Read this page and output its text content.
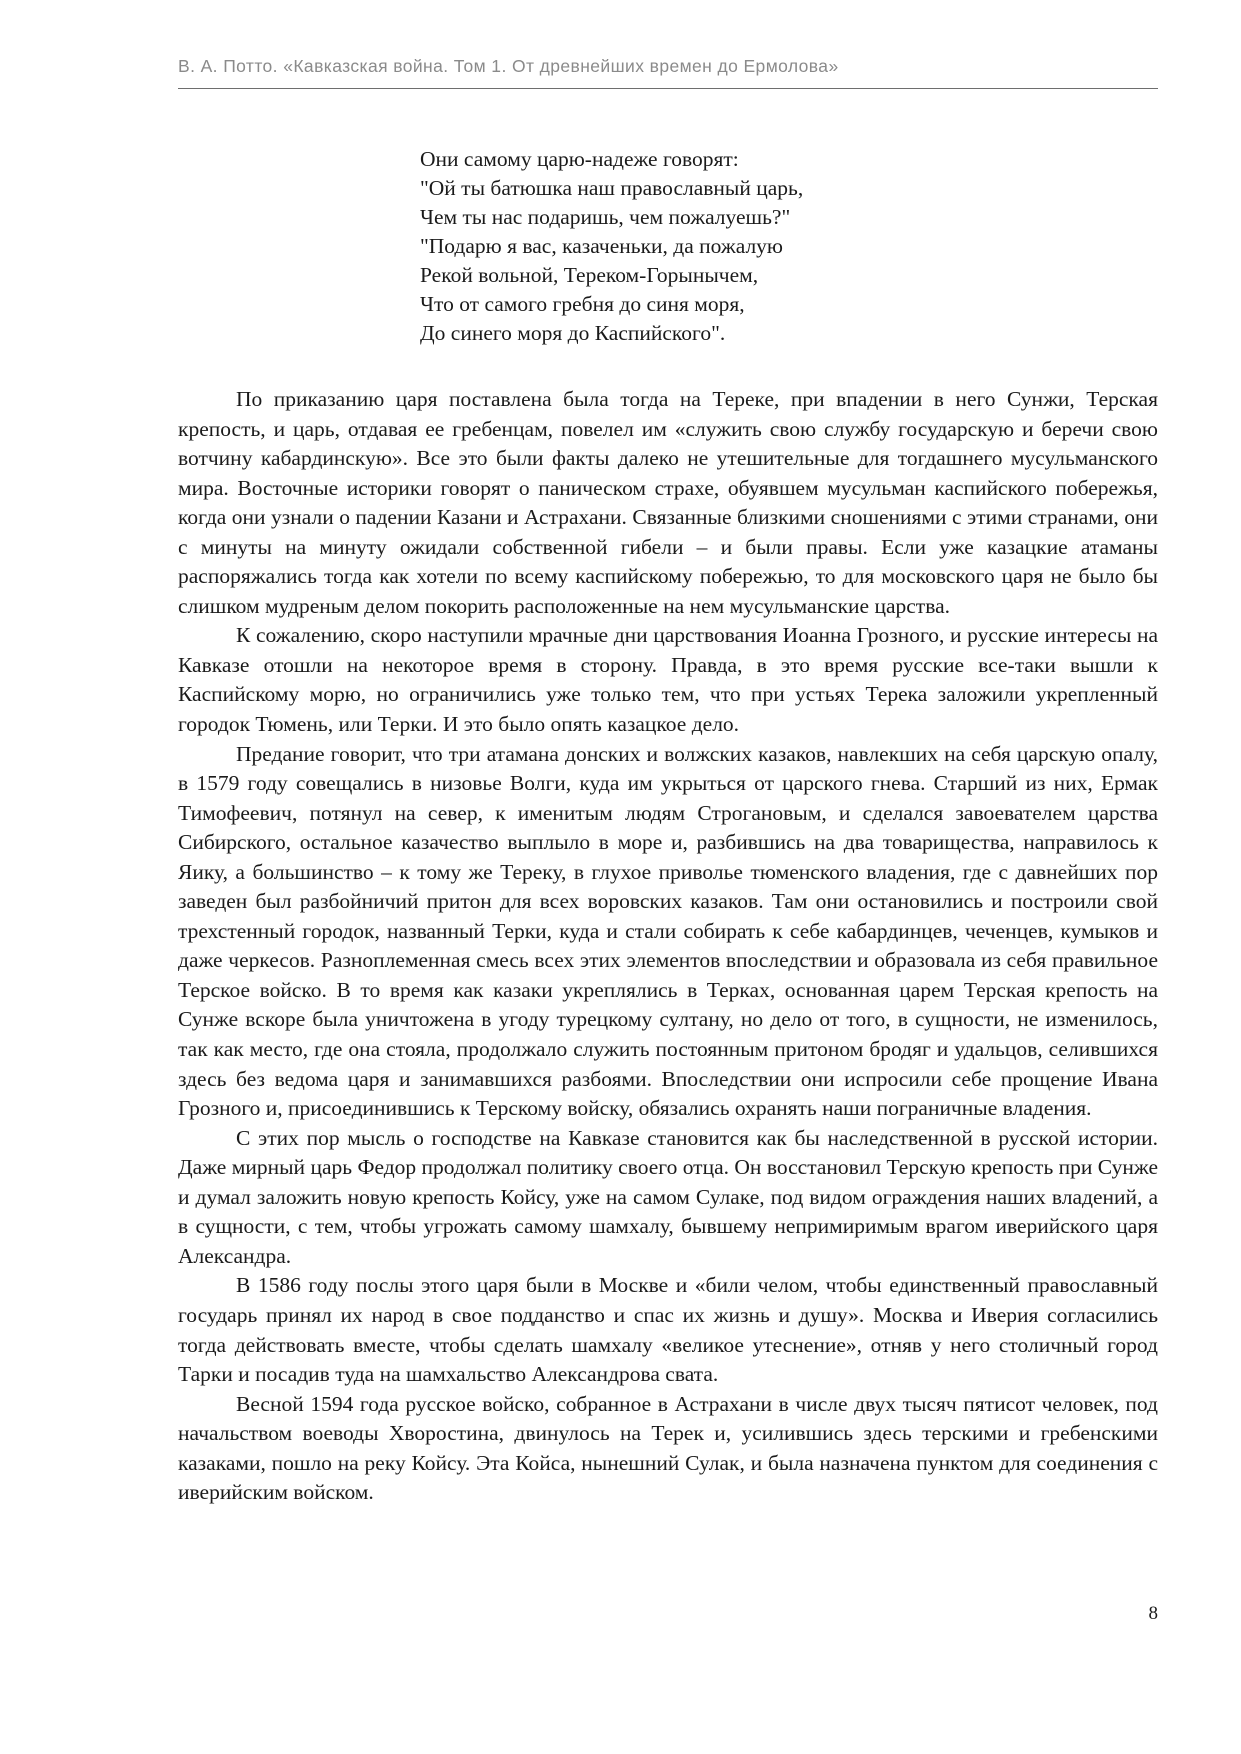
В. А. Потто. «Кавказская война. Том 1. От древнейших времен до Ермолова»
Они самому царю-надеже говорят:
"Ой ты батюшка наш православный царь,
Чем ты нас подаришь, чем пожалуешь?"
"Подарю я вас, казаченьки, да пожалую
Рекой вольной, Тереком-Горынычем,
Что от самого гребня до синя моря,
До синего моря до Каспийского".

По приказанию царя поставлена была тогда на Тереке, при впадении в него Сунжи, Терская крепость, и царь, отдавая ее гребенцам, повелел им «служить свою службу государскую и беречи свою вотчину кабардинскую». Все это были факты далеко не утешительные для тогдашнего мусульманского мира. Восточные историки говорят о паническом страхе, обуявшем мусульман каспийского побережья, когда они узнали о падении Казани и Астрахани. Связанные близкими сношениями с этими странами, они с минуты на минуту ожидали собственной гибели – и были правы. Если уже казацкие атаманы распоряжались тогда как хотели по всему каспийскому побережью, то для московского царя не было бы слишком мудреным делом покорить расположенные на нем мусульманские царства.

К сожалению, скоро наступили мрачные дни царствования Иоанна Грозного, и русские интересы на Кавказе отошли на некоторое время в сторону. Правда, в это время русские все-таки вышли к Каспийскому морю, но ограничились уже только тем, что при устьях Терека заложили укрепленный городок Тюмень, или Терки. И это было опять казацкое дело.

Предание говорит, что три атамана донских и волжских казаков, навлекших на себя царскую опалу, в 1579 году совещались в низовье Волги, куда им укрыться от царского гнева. Старший из них, Ермак Тимофеевич, потянул на север, к именитым людям Строгановым, и сделался завоевателем царства Сибирского, остальное казачество выплыло в море и, разбившись на два товарищества, направилось к Яику, а большинство – к тому же Тереку, в глухое приволье тюменского владения, где с давнейших пор заведен был разбойничий притон для всех воровских казаков. Там они остановились и построили свой трехстенный городок, названный Терки, куда и стали собирать к себе кабардинцев, чеченцев, кумыков и даже черкесов. Разноплеменная смесь всех этих элементов впоследствии и образовала из себя правильное Терское войско. В то время как казаки укреплялись в Терках, основанная царем Терская крепость на Сунже вскоре была уничтожена в угоду турецкому султану, но дело от того, в сущности, не изменилось, так как место, где она стояла, продолжало служить постоянным притоном бродяг и удальцов, селившихся здесь без ведома царя и занимавшихся разбоями. Впоследствии они испросили себе прощение Ивана Грозного и, присоединившись к Терскому войску, обязались охранять наши пограничные владения.

С этих пор мысль о господстве на Кавказе становится как бы наследственной в русской истории. Даже мирный царь Федор продолжал политику своего отца. Он восстановил Терскую крепость при Сунже и думал заложить новую крепость Койсу, уже на самом Сулаке, под видом ограждения наших владений, а в сущности, с тем, чтобы угрожать самому шамхалу, бывшему непримиримым врагом иверийского царя Александра.

В 1586 году послы этого царя были в Москве и «били челом, чтобы единственный православный государь принял их народ в свое подданство и спас их жизнь и душу». Москва и Иверия согласились тогда действовать вместе, чтобы сделать шамхалу «великое утеснение», отняв у него столичный город Тарки и посадив туда на шамхальство Александрова свата.

Весной 1594 года русское войско, собранное в Астрахани в числе двух тысяч пятисот человек, под начальством воеводы Хворостина, двинулось на Терек и, усилившись здесь терскими и гребенскими казаками, пошло на реку Койсу. Эта Койса, нынешний Сулак, и была назначена пунктом для соединения с иверийским войском.

8
